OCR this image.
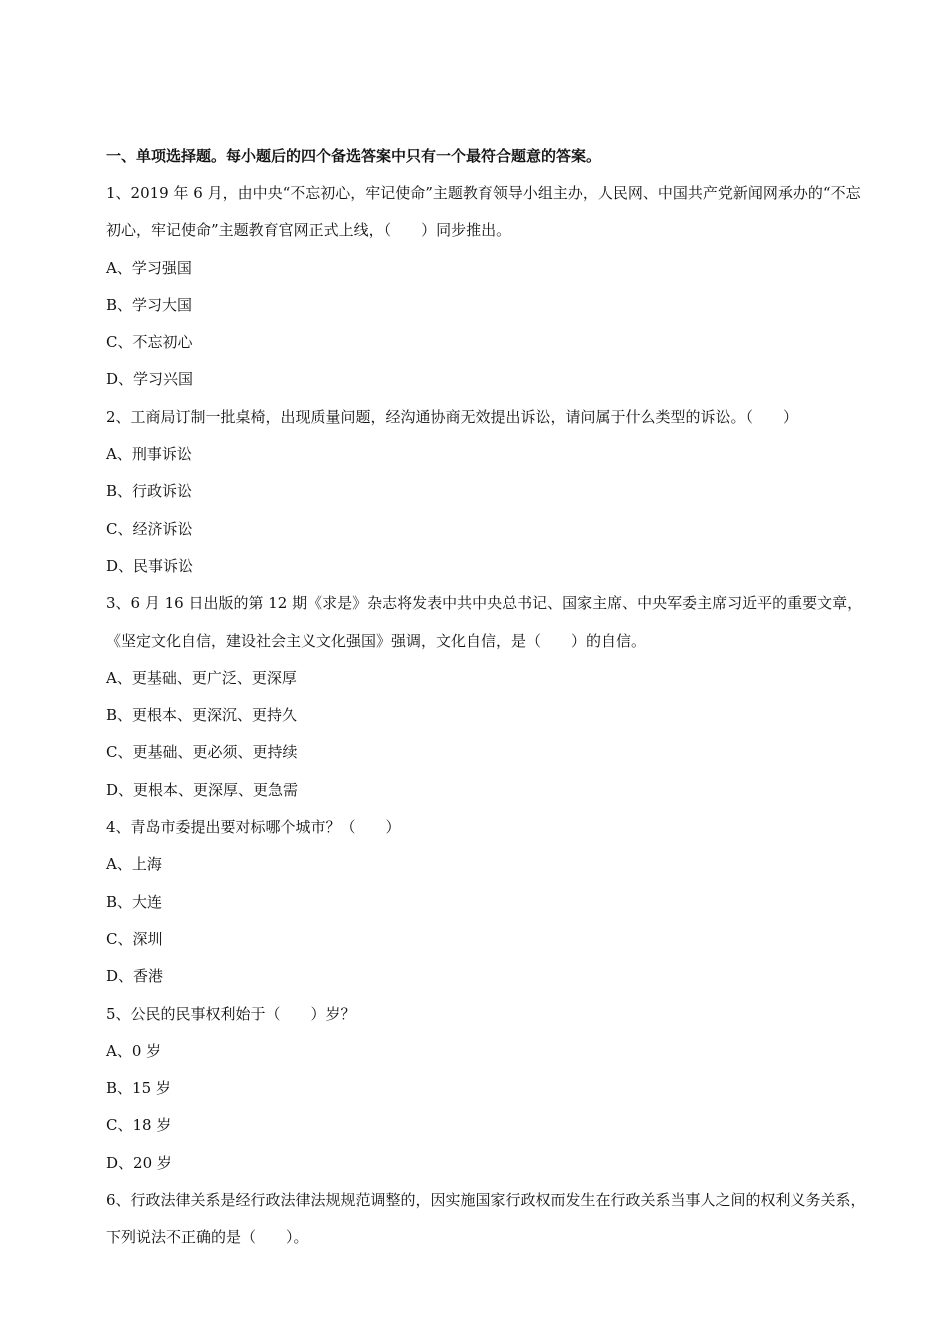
一、单项选择题。每小题后的四个备选答案中只有一个最符合题意的答案。

1、2019 年 6 月，由中央“不忘初心，牢记使命”主题教育领导小组主办，人民网、中国共产党新闻网承办的“不忘初心，牢记使命”主题教育官网正式上线，（　　）同步推出。

A、学习强国
B、学习大国
C、不忘初心
D、学习兴国

2、工商局订制一批桌椅，出现质量问题，经沟通协商无效提出诉讼，请问属于什么类型的诉讼。（　　）

A、刑事诉讼
B、行政诉讼
C、经济诉讼
D、民事诉讼

3、6 月 16 日出版的第 12 期《求是》杂志将发表中共中央总书记、国家主席、中央军委主席习近平的重要文章，《坚定文化自信，建设社会主义文化强国》强调，文化自信，是（　　）的自信。

A、更基础、更广泛、更深厚
B、更根本、更深沉、更持久
C、更基础、更必须、更持续
D、更根本、更深厚、更急需

4、青岛市委提出要对标哪个城市？（　　）

A、上海
B、大连
C、深圳
D、香港

5、公民的民事权利始于（　　）岁？

A、0 岁
B、15 岁
C、18 岁
D、20 岁

6、行政法律关系是经行政法律法规规范调整的，因实施国家行政权而发生在行政关系当事人之间的权利义务关系，下列说法不正确的是（　　）。
